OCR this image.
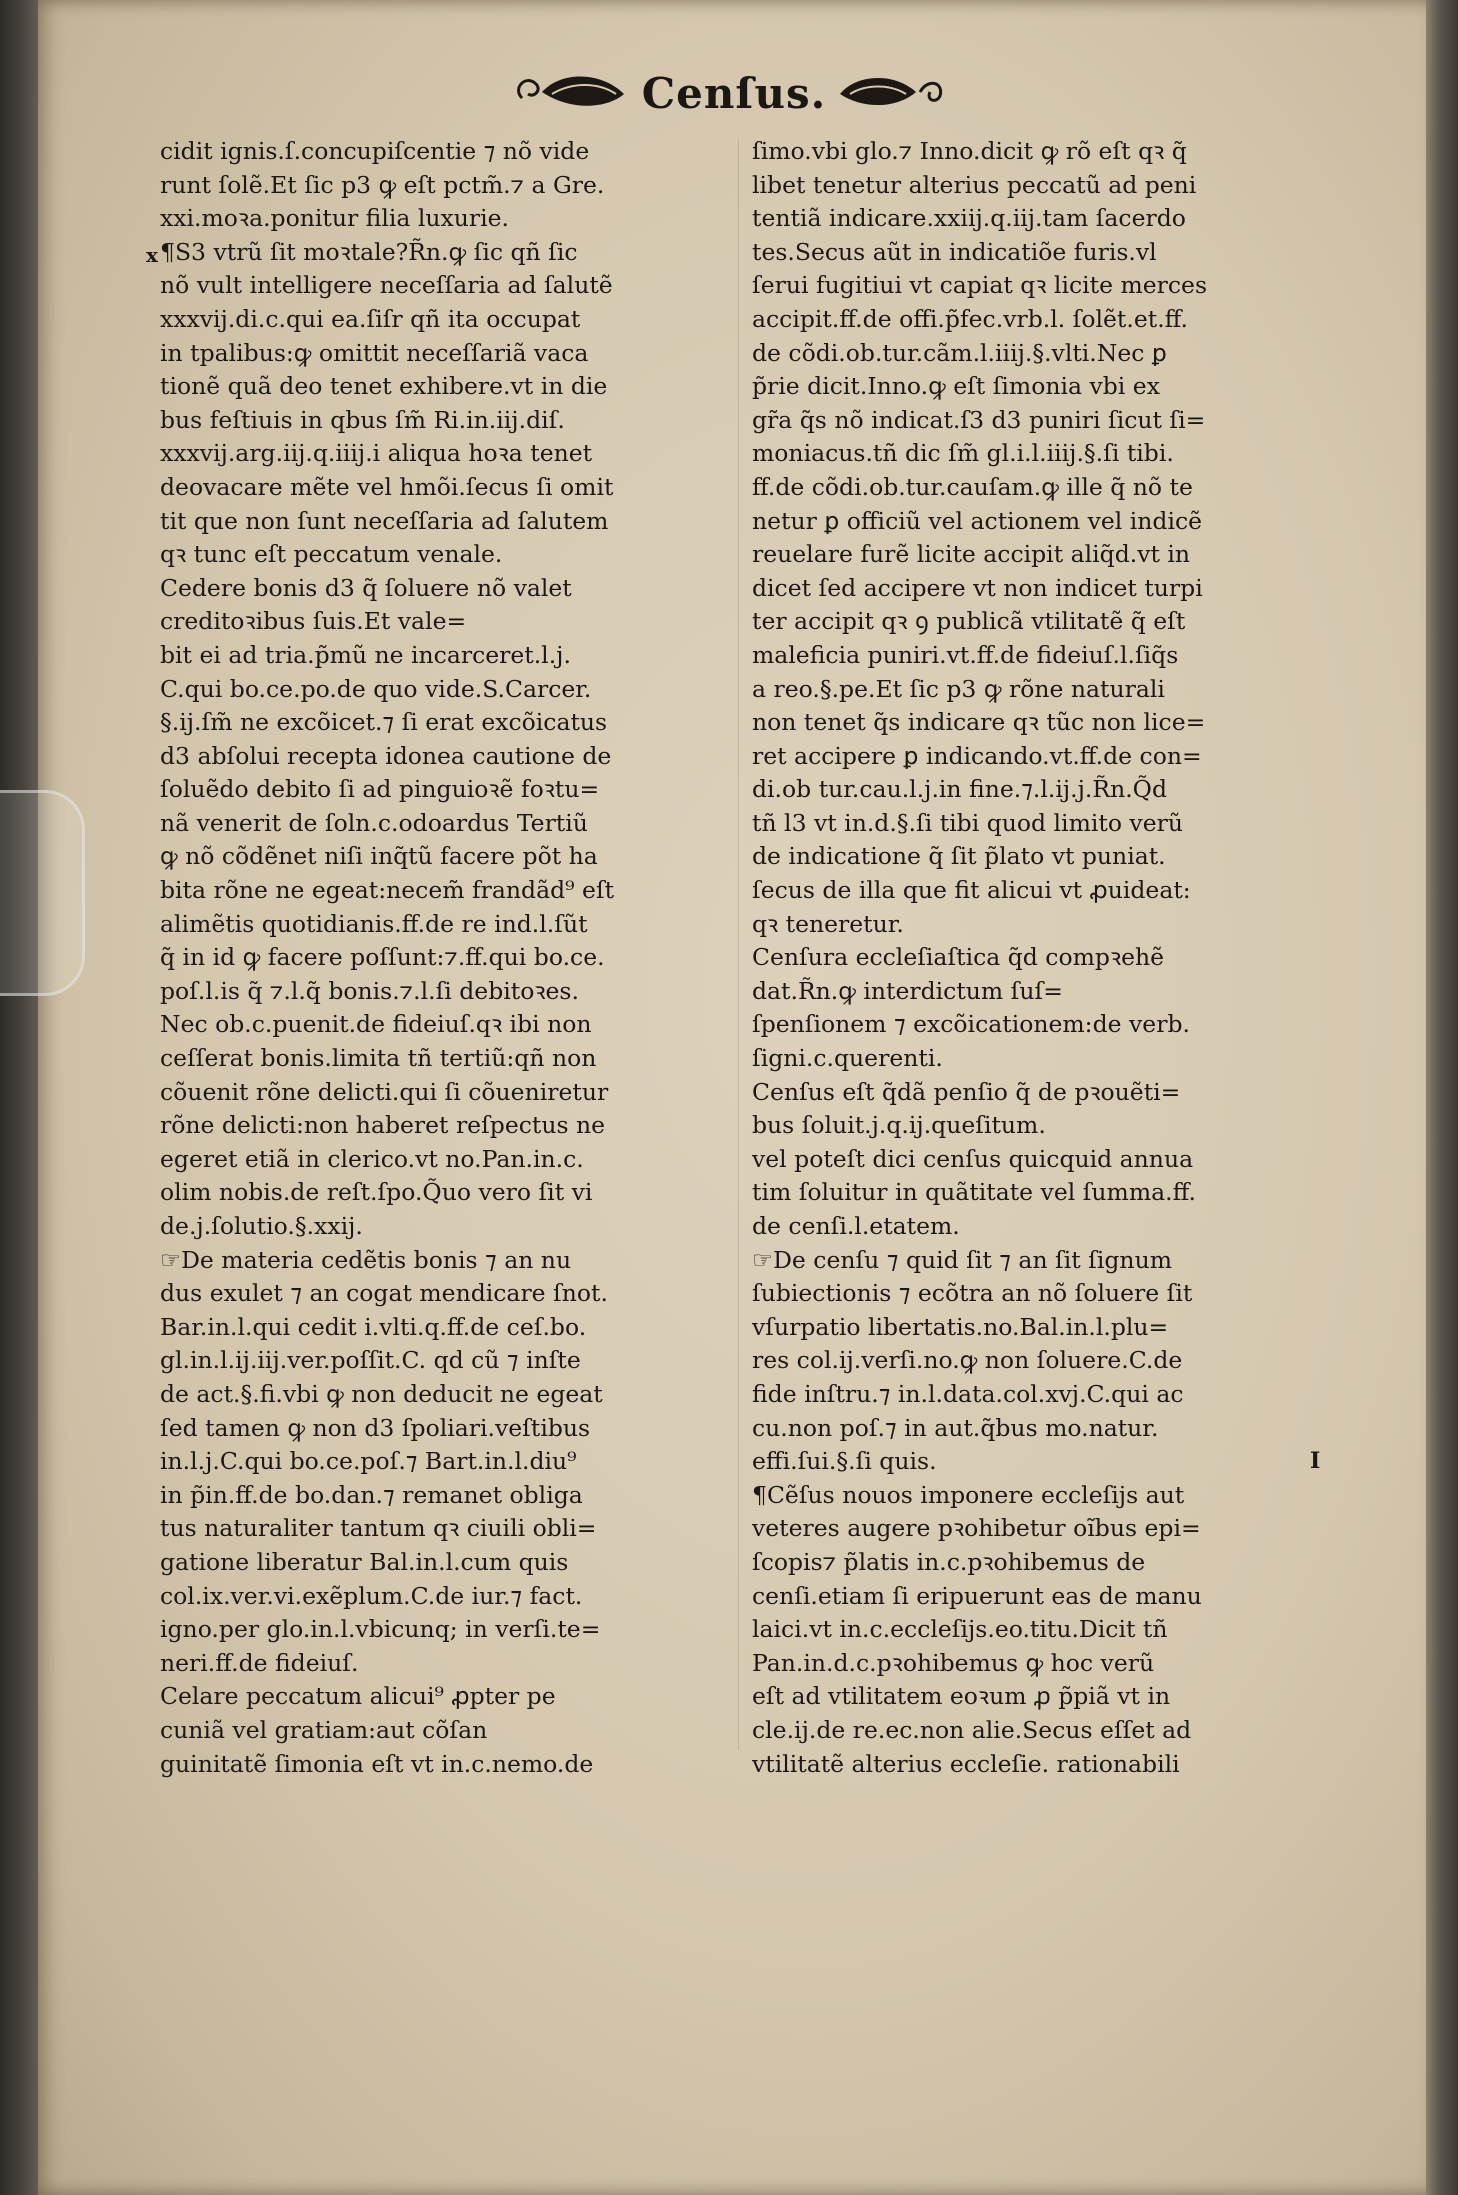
Cenſus.
x
I
cidit ignis.ſ.concupiſcentie ⁊ nõ vide
runt ſolẽ.Et ſic p3 ꝙ eſt pctm̃.⁊ a Gre.
xxi.moꝛa.ponitur filia luxurie.
¶S3 vtrũ ſit moꝛtale?R̃n.ꝙ ſic qñ ſic
nõ vult intelligere neceſſaria ad ſalutẽ
xxxvij.di.c.qui ea.ſiſr qñ ita occupat
in tpalibus:ꝙ omittit neceſſariã vaca
tionẽ quã deo tenet exhibere.vt in die
bus feſtiuis in qbus ſm̃ Ri.in.iij.diſ.
xxxvij.arg.iij.q.iiij.i aliqua hoꝛa tenet
deovacare mẽte vel hmõi.ſecus ſi omit
tit que non ſunt neceſſaria ad ſalutem
qꝛ tunc eſt peccatum venale.
Cedere bonis d3 q̃ ſoluere nõ valet
creditoꝛibus ſuis.Et vale=
bit ei ad tria.p̃mũ ne incarceret.l.j.
C.qui bo.ce.po.de quo vide.S.Carcer.
§.ij.ſm̃ ne excõicet.⁊ ſi erat excõicatus
d3 abſolui recepta idonea cautione de
ſoluẽdo debito ſi ad pinguioꝛẽ foꝛtu=
nã venerit de ſoln.c.odoardus Tertiũ
ꝙ nõ cõdẽnet niſi inq̃tũ facere põt ha
bita rõne ne egeat:necem̃ frandãd⁹ eſt
alimẽtis quotidianis.ff.de re ind.l.ſũt
q̃ in id ꝙ facere poſſunt:⁊.ff.qui bo.ce.
poſ.l.is q̃ ⁊.l.q̃ bonis.⁊.l.ſi debitoꝛes.
Nec ob.c.puenit.de fideiuſ.qꝛ ibi non
ceſſerat bonis.limita tñ tertiũ:qñ non
cõuenit rõne delicti.qui ſi cõueniretur
rõne delicti:non haberet reſpectus ne
egeret etiã in clerico.vt no.Pan.in.c.
olim nobis.de reſt.ſpo.Q̃uo vero ſit vi
de.j.ſolutio.§.xxij.
☞De materia cedẽtis bonis ⁊ an nu
dus exulet ⁊ an cogat mendicare ſnot.
Bar.in.l.qui cedit i.vlti.q.ff.de ceſ.bo.
gl.in.l.ij.iij.ver.poſſit.C. qd cũ ⁊ inſte
de act.§.fi.vbi ꝙ non deducit ne egeat
ſed tamen ꝙ non d3 ſpoliari.veſtibus
in.l.j.C.qui bo.ce.poſ.⁊ Bart.in.l.diu⁹
in p̃in.ff.de bo.dan.⁊ remanet obliga
tus naturaliter tantum qꝛ ciuili obli=
gatione liberatur Bal.in.l.cum quis
col.ix.ver.vi.exẽplum.C.de iur.⁊ fact.
igno.per glo.in.l.vbicunq; in verſi.te=
neri.ff.de fideiuſ.
Celare peccatum alicui⁹ ꝓpter pe
cuniã vel gratiam:aut cõſan
guinitatẽ ſimonia eſt vt in.c.nemo.de
ſimo.vbi glo.⁊ Inno.dicit ꝙ rõ eſt qꝛ q̃
libet tenetur alterius peccatũ ad peni
tentiã indicare.xxiij.q.iij.tam ſacerdo
tes.Secus aũt in indicatiõe furis.vl
ſerui fugitiui vt capiat qꝛ licite merces
accipit.ff.de offi.p̃fec.vrb.l. ſolẽt.et.ff.
de cõdi.ob.tur.cãm.l.iiij.§.vlti.Nec ꝑ
p̃rie dicit.Inno.ꝙ eſt ſimonia vbi ex
gr̃a q̃s nõ indicat.ſ3 d3 puniri ſicut ſi=
moniacus.tñ dic ſm̃ gl.i.l.iiij.§.ſi tibi.
ff.de cõdi.ob.tur.cauſam.ꝙ ille q̃ nõ te
netur ꝑ officiũ vel actionem vel indicẽ
reuelare furẽ licite accipit aliq̃d.vt in
dicet ſed accipere vt non indicet turpi
ter accipit qꝛ ꝯ publicã vtilitatẽ q̃ eſt
maleficia puniri.vt.ff.de fideiuſ.l.ſiq̃s
a reo.§.pe.Et ſic p3 ꝙ rõne naturali
non tenet q̃s indicare qꝛ tũc non lice=
ret accipere ꝑ indicando.vt.ff.de con=
di.ob tur.cau.l.j.in fine.⁊.l.ij.j.R̃n.Q̃d
tñ l3 vt in.d.§.ſi tibi quod limito verũ
de indicatione q̃ ſit p̃lato vt puniat.
ſecus de illa que fit alicui vt ꝓuideat:
qꝛ teneretur.
Cenſura eccleſiaſtica q̃d compꝛehẽ
dat.R̃n.ꝙ interdictum ſuſ=
ſpenſionem ⁊ excõicationem:de verb.
ſigni.c.querenti.
Cenſus eſt q̃dã penſio q̃ de pꝛouẽti=
bus ſoluit.j.q.ij.queſitum.
vel poteſt dici cenſus quicquid annua
tim ſoluitur in quãtitate vel ſumma.ff.
de cenſi.l.etatem.
☞De cenſu ⁊ quid ſit ⁊ an ſit ſignum
ſubiectionis ⁊ ecõtra an nõ ſoluere ſit
vſurpatio libertatis.no.Bal.in.l.plu=
res col.ij.verſi.no.ꝙ non ſoluere.C.de
fide inſtru.⁊ in.l.data.col.xvj.C.qui ac
cu.non poſ.⁊ in aut.q̃bus mo.natur.
effi.ſui.§.ſi quis.
¶Cẽſus nouos imponere eccleſijs aut
veteres augere pꝛohibetur oĩbus epi=
ſcopis⁊ p̃latis in.c.pꝛohibemus de
cenſi.etiam ſi eripuerunt eas de manu
laici.vt in.c.eccleſijs.eo.titu.Dicit tñ
Pan.in.d.c.pꝛohibemus ꝙ hoc verũ
eſt ad vtilitatem eoꝛum ꝓ p̃piã vt in
cle.ij.de re.ec.non alie.Secus eſſet ad
vtilitatẽ alterius eccleſie. rationabili
